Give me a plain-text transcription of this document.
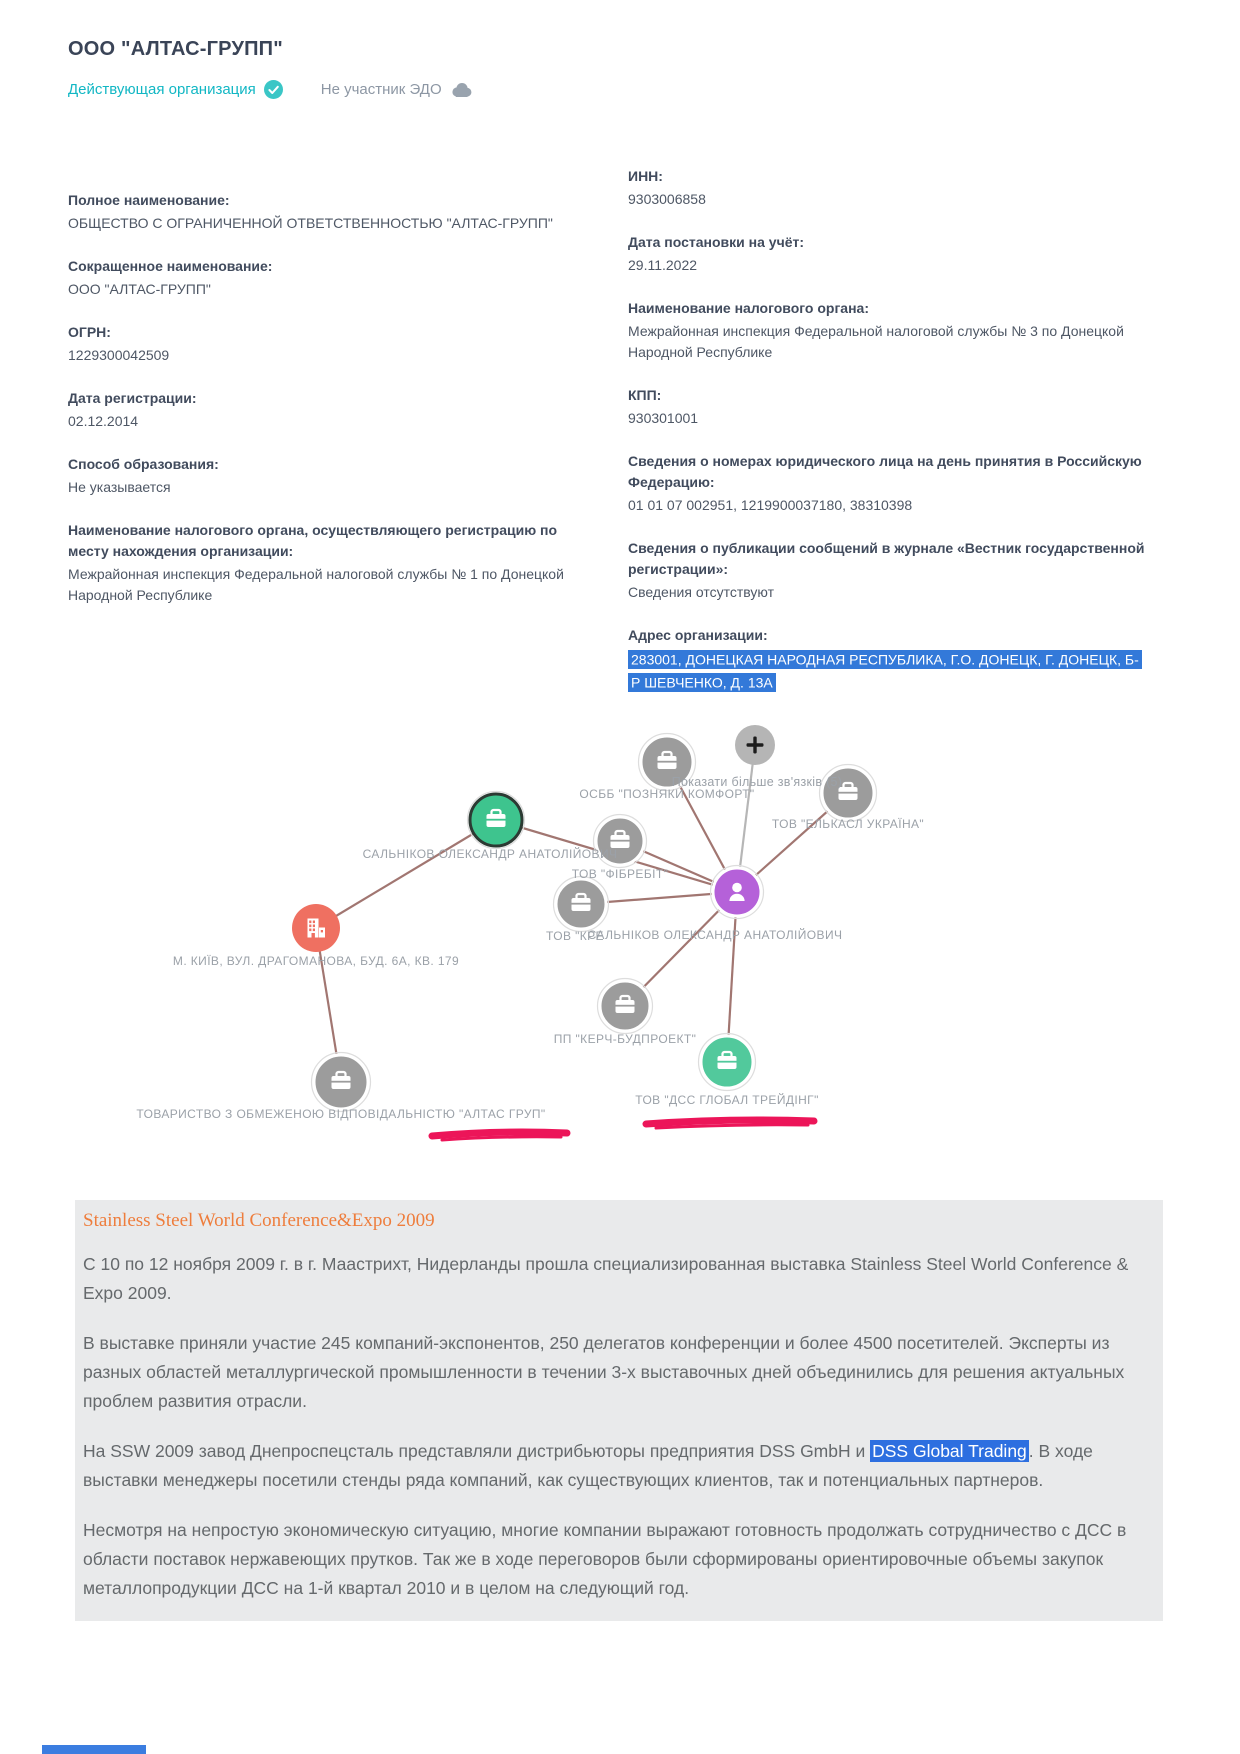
ООО "АЛТАС-ГРУПП"
Действующая организация	Не участник ЭДО
Полное наименование:
ОБЩЕСТВО С ОГРАНИЧЕННОЙ ОТВЕТСТВЕННОСТЬЮ "АЛТАС-ГРУПП"
Сокращенное наименование:
ООО "АЛТАС-ГРУПП"
ОГРН:
1229300042509
Дата регистрации:
02.12.2014
Способ образования:
Не указывается
Наименование налогового органа, осуществляющего регистрацию по месту нахождения организации:
Межрайонная инспекция Федеральной налоговой службы № 1 по Донецкой Народной Республике
ИНН:
9303006858
Дата постановки на учёт:
29.11.2022
Наименование налогового органа:
Межрайонная инспекция Федеральной налоговой службы № 3 по Донецкой Народной Республике
КПП:
930301001
Сведения о номерах юридического лица на день принятия в Российскую Федерацию:
01 01 07 002951, 1219900037180, 38310398
Сведения о публикации сообщений в журнале «Вестник государственной регистрации»:
Сведения отсутствуют
Адрес организации:
283001, ДОНЕЦКАЯ НАРОДНАЯ РЕСПУБЛИКА, Г.О. ДОНЕЦК, Г. ДОНЕЦК, Б-Р ШЕВЧЕНКО, Д. 13А
ОСББ "ПОЗНЯКИ КОМФОРТ"
ТОВ "ЕЛЬКАСЛ УКРАЇНА"
САЛЬНІКОВ ОЛЕКСАНДР АНАТОЛІЙОВИЧ
ТОВ "ФІБРЕБІТ"
САЛЬНІКОВ ОЛЕКСАНДР АНАТОЛІЙОВИЧ
ТОВ "КРЕ
М. КИЇВ, ВУЛ. ДРАГОМАНОВА, БУД. 6А, КВ. 179
ПП "КЕРЧ-БУДПРОЕКТ"
ТОВАРИСТВО З ОБМЕЖЕНОЮ ВІДПОВІДАЛЬНІСТЮ "АЛТАС ГРУП"
ТОВ "ДСС ГЛОБАЛ ТРЕЙДІНГ"
Показати більше зв'язків (5)
Stainless Steel World Conference&Expo 2009

С 10 по 12 ноября 2009 г. в г. Маастрихт, Нидерланды прошла специализированная выставка Stainless Steel World Conference & Expo 2009.

В выставке приняли участие 245 компаний-экспонентов, 250 делегатов конференции и более 4500 посетителей. Эксперты из разных областей металлургической промышленности в течении 3-х выставочных дней объединились для решения актуальных проблем развития отрасли.

На SSW 2009 завод Днепроспецсталь представляли дистрибьюторы предприятия DSS GmbH и DSS Global Trading . В ходе выставки менеджеры посетили стенды ряда компаний, как существующих клиентов, так и потенциальных партнеров.

Несмотря на непростую экономическую ситуацию, многие компании выражают готовность продолжать сотрудничество с ДСС в области поставок нержавеющих прутков. Так же в ходе переговоров были сформированы ориентировочные объемы закупок металлопродукции ДСС на 1-й квартал 2010 и в целом на следующий год.
